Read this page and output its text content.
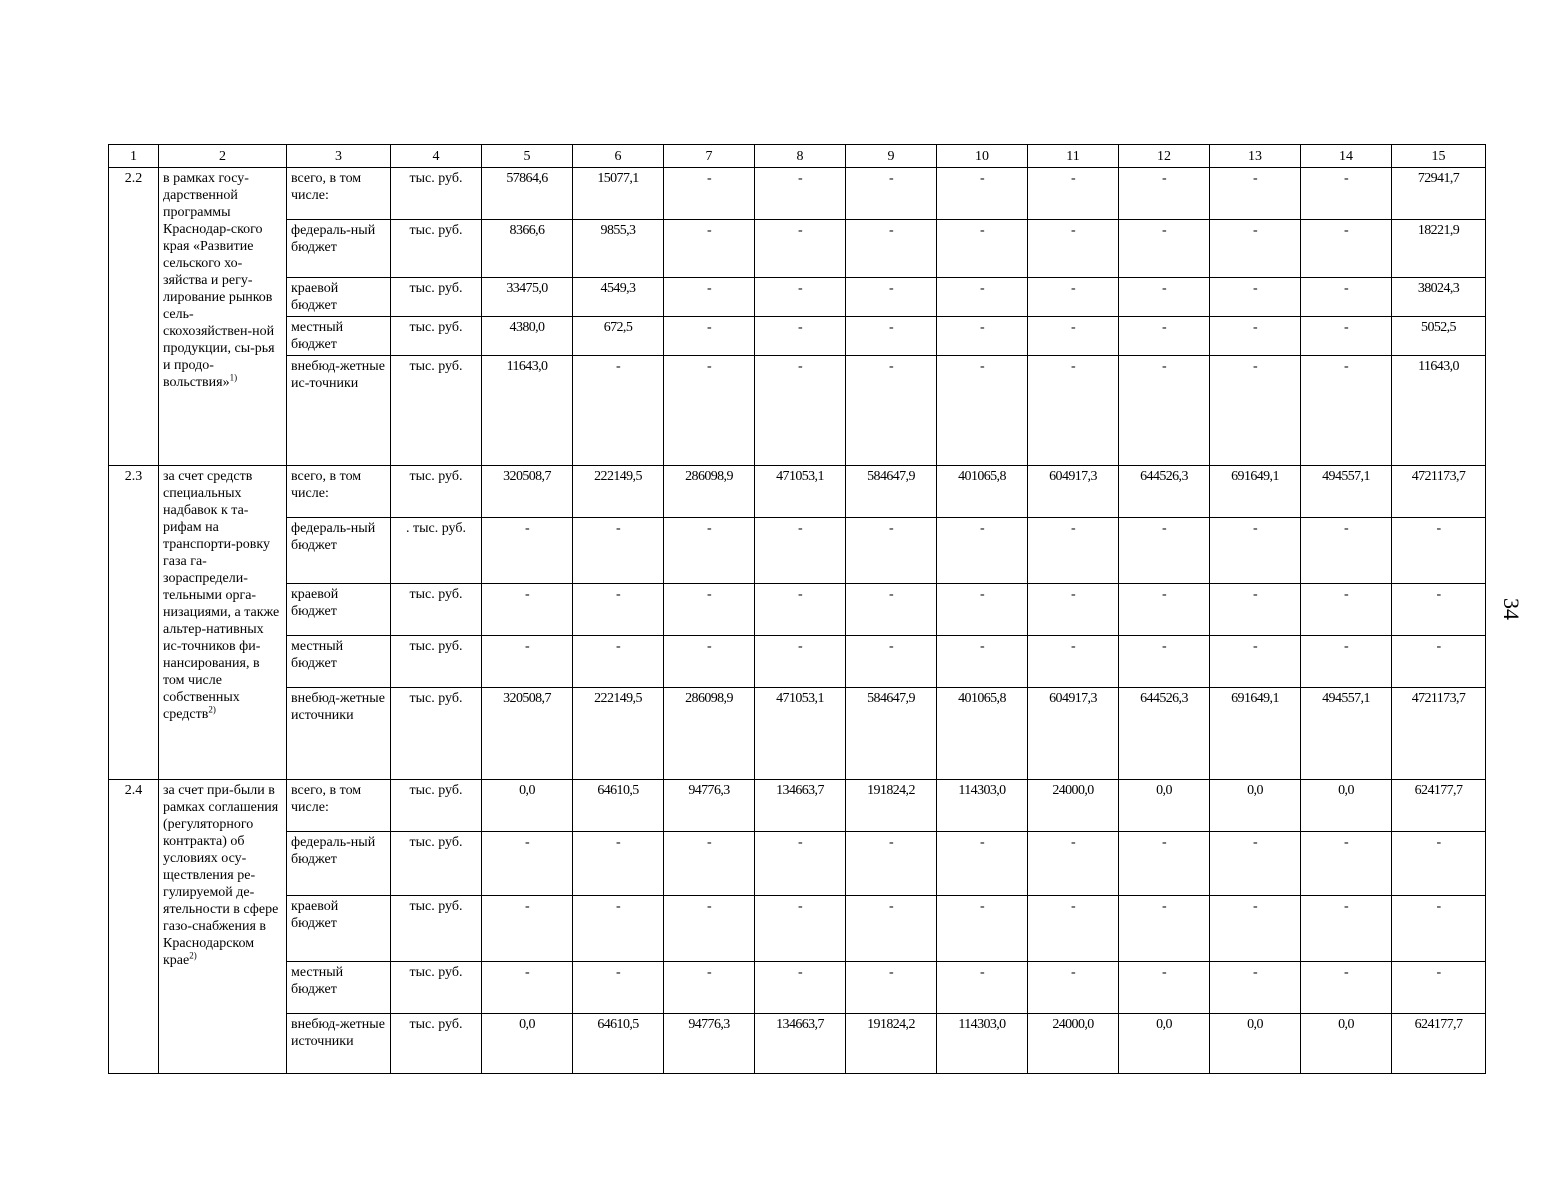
1	2	3	4	5	6	7	8	9	10	11	12	13	14	15
2.2	в рамках госу-дарственной программы Краснодар-ского края «Развитие сельского хо-зяйства и регу-лирование рынков сель-скохозяйствен-ной продукции, сы-рья и продо-вольствия»$^{1)}$	всего, в том числе:	тыс. руб.	57864,6	15077,1	-	-	-	-	-	-	-	-	72941,7
		федераль-ный бюджет	тыс. руб.	8366,6	9855,3	-	-	-	-	-	-	-	-	18221,9
		краевой бюджет	тыс. руб.	33475,0	4549,3	-	-	-	-	-	-	-	-	38024,3
		местный бюджет	тыс. руб.	4380,0	672,5	-	-	-	-	-	-	-	-	5052,5
		внебюд-жетные ис-точники	тыс. руб.	11643,0	-	-	-	-	-	-	-	-	-	11643,0
2.3	за счет средств специальных надбавок к та-рифам на транспорти-ровку газа га-зораспредели-тельными орга-низациями, а также альтер-нативных ис-точников фи-нансирования, в том числе собственных средств$^{2)}$	всего, в том числе:	тыс. руб.	320508,7	222149,5	286098,9	471053,1	584647,9	401065,8	604917,3	644526,3	691649,1	494557,1	4721173,7
		федераль-ный бюджет	. тыс. руб.	-	-	-	-	-	-	-	-	-	-	-
		краевой бюджет	тыс. руб.	-	-	-	-	-	-	-	-	-	-	-
		местный бюджет	тыс. руб.	-	-	-	-	-	-	-	-	-	-	-
		внебюд-жетные источники	тыс. руб.	320508,7	222149,5	286098,9	471053,1	584647,9	401065,8	604917,3	644526,3	691649,1	494557,1	4721173,7
2.4	за счет при-были в рамках соглашения (регуляторного контракта) об условиях осу-ществления ре-гулируемой де-ятельности в сфере газо-снабжения в Краснодарском крае$^{2)}$	всего, в том числе:	тыс. руб.	0,0	64610,5	94776,3	134663,7	191824,2	114303,0	24000,0	0,0	0,0	0,0	624177,7
		федераль-ный бюджет	тыс. руб.	-	-	-	-	-	-	-	-	-	-	-
		краевой бюджет	тыс. руб.	-	-	-	-	-	-	-	-	-	-	-
		местный бюджет	тыс. руб.	-	-	-	-	-	-	-	-	-	-	-
		внебюд-жетные источники	тыс. руб.	0,0	64610,5	94776,3	134663,7	191824,2	114303,0	24000,0	0,0	0,0	0,0	624177,7
34
